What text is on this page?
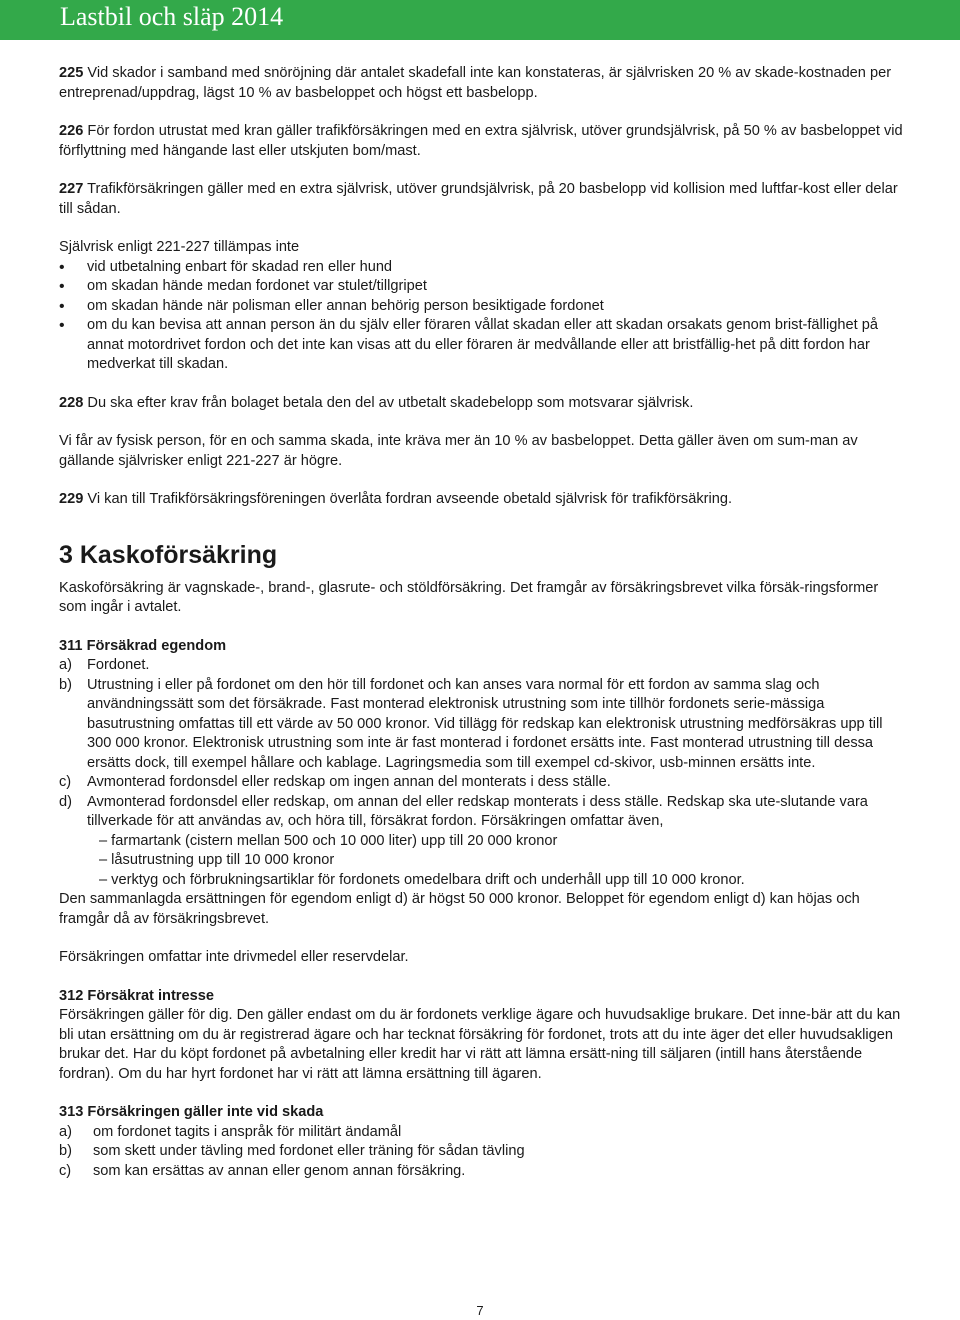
Lastbil och släp 2014

225 Vid skador i samband med snöröjning där antalet skadefall inte kan konstateras, är självrisken 20 % av skade-kostnaden per entreprenad/uppdrag, lägst 10 % av basbeloppet och högst ett basbelopp.

226 För fordon utrustat med kran gäller trafikförsäkringen med en extra självrisk, utöver grundsjälvrisk, på 50 % av basbeloppet vid förflyttning med hängande last eller utskjuten bom/mast.

227 Trafikförsäkringen gäller med en extra självrisk, utöver grundsjälvrisk, på 20 basbelopp vid kollision med luftfar-kost eller delar till sådan.

Självrisk enligt 221-227 tillämpas inte

• vid utbetalning enbart för skadad ren eller hund
• om skadan hände medan fordonet var stulet/tillgripet
• om skadan hände när polisman eller annan behörig person besiktigade fordonet
• om du kan bevisa att annan person än du själv eller föraren vållat skadan eller att skadan orsakats genom brist-fällighet på annat motordrivet fordon och det inte kan visas att du eller föraren är medvållande eller att bristfällig-het på ditt fordon har medverkat till skadan.

228 Du ska efter krav från bolaget betala den del av utbetalt skadebelopp som motsvarar självrisk.

Vi får av fysisk person, för en och samma skada, inte kräva mer än 10 % av basbeloppet. Detta gäller även om sum-man av gällande självrisker enligt 221-227 är högre.

229 Vi kan till Trafikförsäkringsföreningen överlåta fordran avseende obetald självrisk för trafikförsäkring.

3 Kaskoförsäkring

Kaskoförsäkring är vagnskade-, brand-, glasrute- och stöldförsäkring. Det framgår av försäkringsbrevet vilka försäk-ringsformer som ingår i avtalet.

311 Försäkrad egendom
a) Fordonet.
b) Utrustning i eller på fordonet om den hör till fordonet och kan anses vara normal för ett fordon av samma slag och användningssätt som det försäkrade. Fast monterad elektronisk utrustning som inte tillhör fordonets serie-mässiga basutrustning omfattas till ett värde av 50 000 kronor. Vid tillägg för redskap kan elektronisk utrustning medförsäkras upp till 300 000 kronor. Elektronisk utrustning som inte är fast monterad i fordonet ersätts inte. Fast monterad utrustning till dessa ersätts dock, till exempel hållare och kablage. Lagringsmedia som till exempel cd-skivor, usb-minnen ersätts inte.
c) Avmonterad fordonsdel eller redskap om ingen annan del monterats i dess ställe.
d) Avmonterad fordonsdel eller redskap, om annan del eller redskap monterats i dess ställe. Redskap ska ute-slutande vara tillverkade för att användas av, och höra till, försäkrat fordon. Försäkringen omfattar även,

– farmartank (cistern mellan 500 och 10 000 liter) upp till 20 000 kronor

– låsutrustning upp till 10 000 kronor

– verktyg och förbrukningsartiklar för fordonets omedelbara drift och underhåll upp till 10 000 kronor.

Den sammanlagda ersättningen för egendom enligt d) är högst 50 000 kronor. Beloppet för egendom enligt d) kan höjas och framgår då av försäkringsbrevet.

Försäkringen omfattar inte drivmedel eller reservdelar.

312 Försäkrat intresse

Försäkringen gäller för dig. Den gäller endast om du är fordonets verklige ägare och huvudsaklige brukare. Det inne-bär att du kan bli utan ersättning om du är registrerad ägare och har tecknat försäkring för fordonet, trots att du inte äger det eller huvudsakligen brukar det. Har du köpt fordonet på avbetalning eller kredit har vi rätt att lämna ersätt-ning till säljaren (intill hans återstående fordran). Om du har hyrt fordonet har vi rätt att lämna ersättning till ägaren.

313 Försäkringen gäller inte vid skada
a) om fordonet tagits i anspråk för militärt ändamål
b) som skett under tävling med fordonet eller träning för sådan tävling
c) som kan ersättas av annan eller genom annan försäkring.
7
